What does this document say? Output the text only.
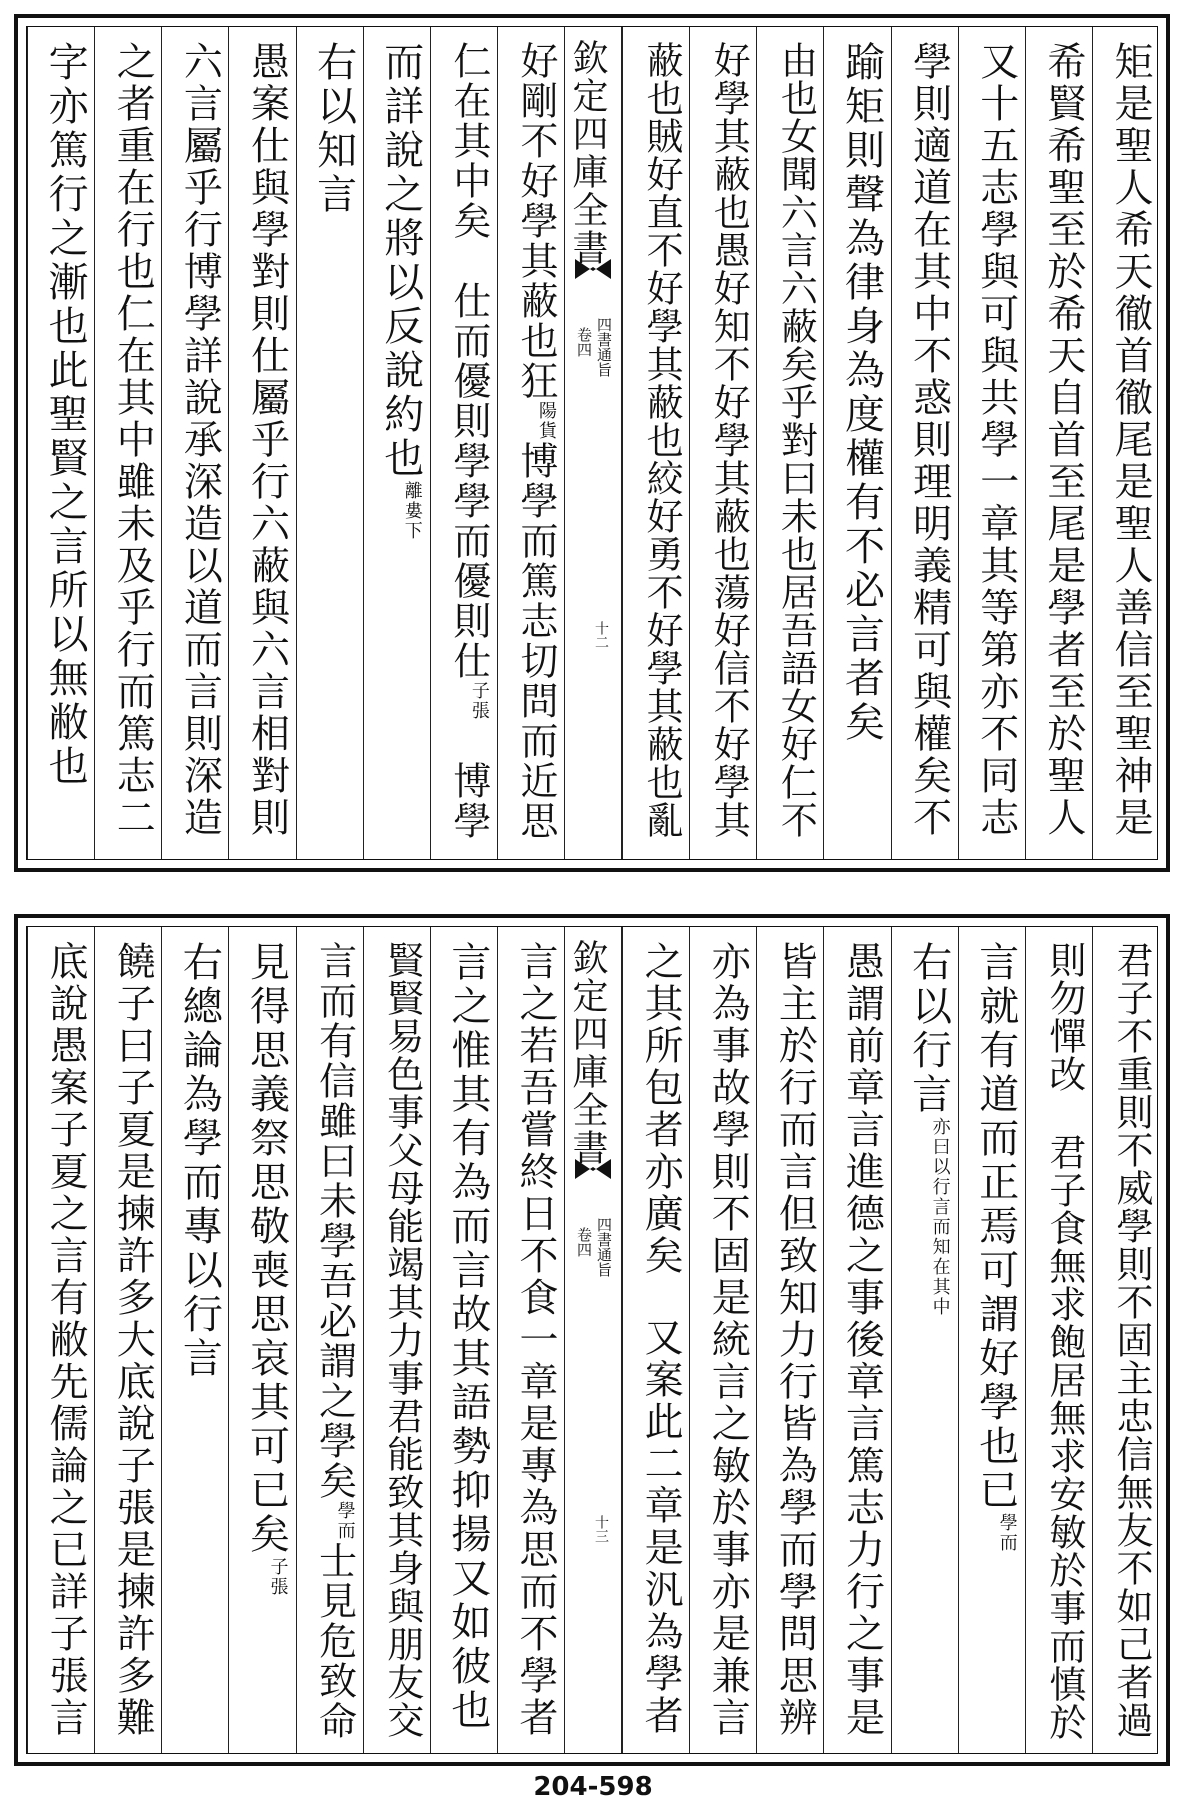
矩是聖人希天徹首徹尾是聖人善信至聖神是
希賢希聖至於希天自首至尾是學者至於聖人
又十五志學與可與共學一章其等第亦不同志
學則適道在其中不惑則理明義精可與權矣不
踰矩則聲為律身為度權有不必言者矣
由也女聞六言六蔽矣乎對曰未也居吾語女好仁不
好學其蔽也愚好知不好學其蔽也蕩好信不好學其
蔽也賊好直不好學其蔽也絞好勇不好學其蔽也亂
欽定四庫全書
四書通旨
卷四
十二
好剛不好學其蔽也狂$^{陽貨}$博學而篤志切問而近思
仁在其中矣仕而優則學學而優則仕$^{子張}$博學
而詳說之將以反說約也$^{離婁下}$
右以知言
愚案仕與學對則仕屬乎行六蔽與六言相對則
六言屬乎行博學詳說承深造以道而言則深造
之者重在行也仁在其中雖未及乎行而篤志二
字亦篤行之漸也此聖賢之言所以無敝也
君子不重則不威學則不固主忠信無友不如己者過
則勿憚改君子食無求飽居無求安敏於事而慎於
言就有道而正焉可謂好學也已$^{學而}$
右以行言$^{亦曰以行言而知在其中}$
愚謂前章言進德之事後章言篤志力行之事是
皆主於行而言但致知力行皆為學而學問思辨
亦為事故學則不固是統言之敏於事亦是兼言
之其所包者亦廣矣又案此二章是汎為學者
欽定四庫全書
四書通旨
卷四
十三
言之若吾嘗終日不食一章是專為思而不學者
言之惟其有為而言故其語勢抑揚又如彼也
賢賢易色事父母能竭其力事君能致其身與朋友交
言而有信雖曰未學吾必謂之學矣$^{學而}$士見危致命
見得思義祭思敬喪思哀其可已矣$^{子張}$
右總論為學而專以行言
饒子曰子夏是揀許多大底說子張是揀許多難
底說愚案子夏之言有敝先儒論之已詳子張言
204-598
